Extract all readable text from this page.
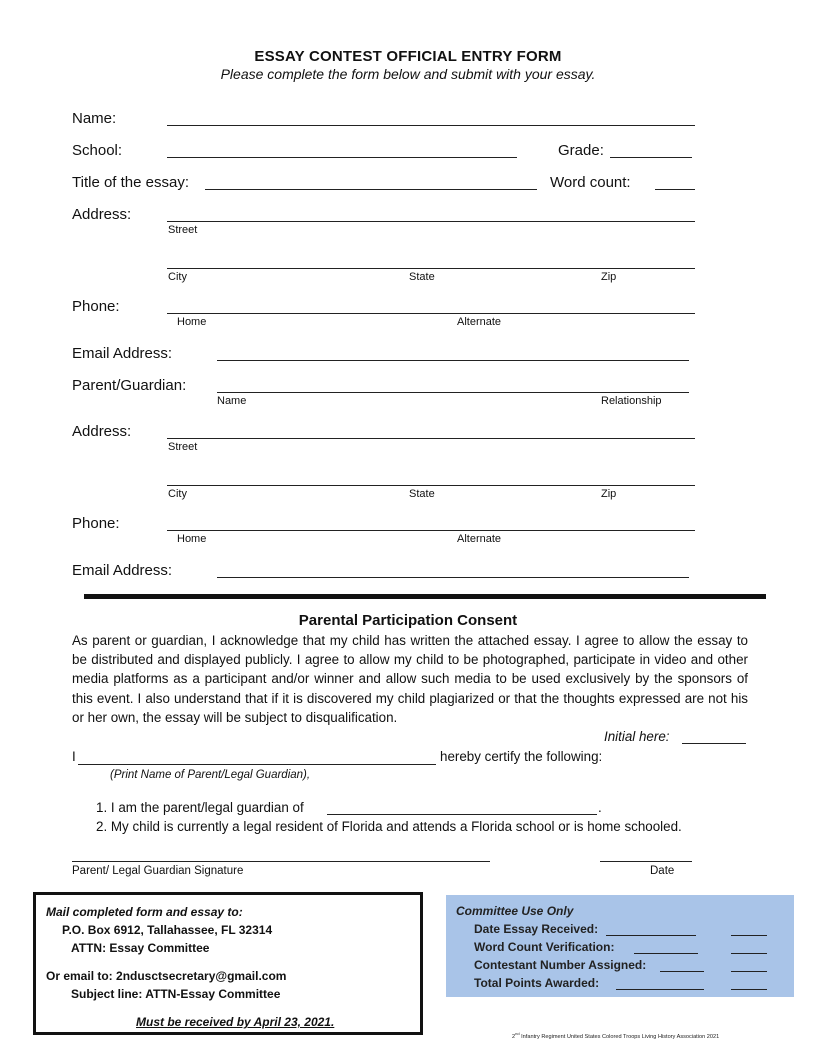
ESSAY CONTEST OFFICIAL ENTRY FORM
Please complete the form below and submit with your essay.
Name:
School:	Grade:
Title of the essay:	Word count:
Address:
Street
City	State	Zip
Phone:
Home	Alternate
Email Address:
Parent/Guardian:
Name	Relationship
Address:
Street
City	State	Zip
Phone:
Home	Alternate
Email Address:
Parental Participation Consent
As parent or guardian, I acknowledge that my child has written the attached essay. I agree to allow the essay to be distributed and displayed publicly. I agree to allow my child to be photographed, participate in video and other media platforms as a participant and/or winner and allow such media to be used exclusively by the sponsors of this event. I also understand that if it is discovered my child plagiarized or that the thoughts expressed are not his or her own, the essay will be subject to disqualification.
Initial here:
I	hereby certify the following:
(Print Name of Parent/Legal Guardian),
1. I am the parent/legal guardian of	.
2. My child is currently a legal resident of Florida and attends a Florida school or is home schooled.
Parent/ Legal Guardian Signature	Date
Mail completed form and essay to:
P.O. Box 6912, Tallahassee, FL 32314
ATTN: Essay Committee
Or email to: 2ndusctsecretary@gmail.com
Subject line: ATTN-Essay Committee
Must be received by April 23, 2021.
Committee Use Only
Date Essay Received:
Word Count Verification:
Contestant Number Assigned:
Total Points Awarded:
2nd Infantry Regiment United States Colored Troops Living History Association 2021
